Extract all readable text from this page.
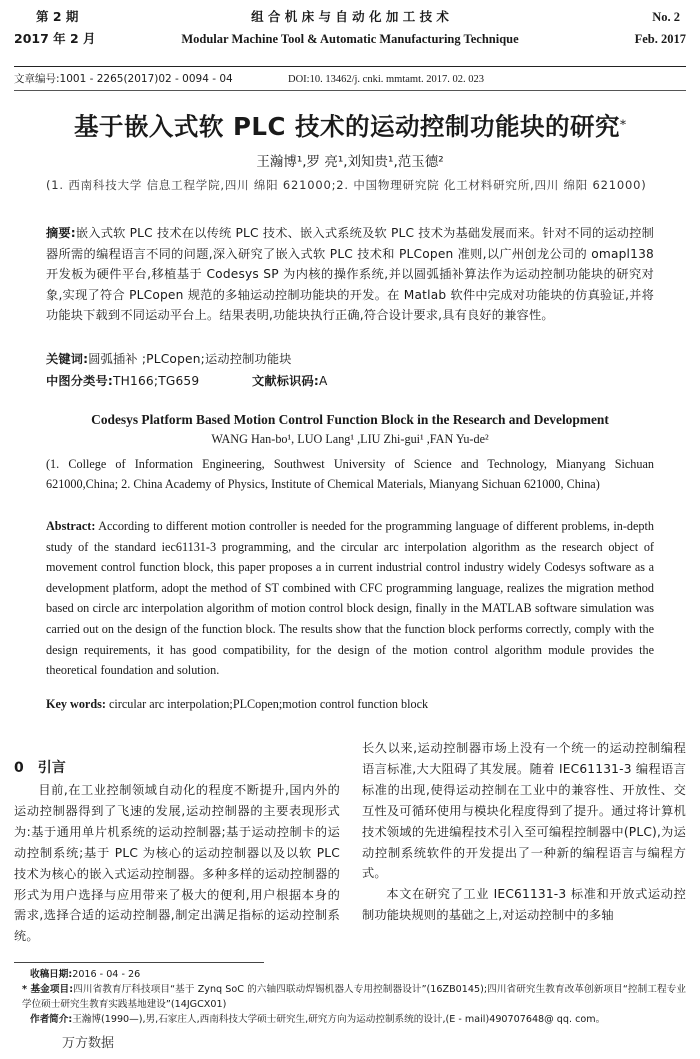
第 2 期
2017 年 2 月
组 合 机 床 与 自 动 化 加 工 技 术
Modular Machine Tool & Automatic Manufacturing Technique
No. 2
Feb. 2017
文章编号:1001 - 2265(2017)02 - 0094 - 04	DOI:10. 13462/j. cnki. mmtamt. 2017. 02. 023
基于嵌入式软 PLC 技术的运动控制功能块的研究*
王瀚博¹,罗 亮¹,刘知贵¹,范玉德²
(1. 西南科技大学 信息工程学院,四川 绵阳 621000;2. 中国物理研究院 化工材料研究所,四川 绵阳 621000)
摘要:嵌入式软 PLC 技术在以传统 PLC 技术、嵌入式系统及软 PLC 技术为基础发展而来。针对不同的运动控制器所需的编程语言不同的问题,深入研究了嵌入式软 PLC 技术和 PLCopen 准则,以广州创龙公司的 omapl138 开发板为硬件平台,移植基于 Codesys SP 为内核的操作系统,并以圆弧插补算法作为运动控制功能块的研究对象,实现了符合 PLCopen 规范的多轴运动控制功能块的开发。在 Matlab 软件中完成对功能块的仿真验证,并将功能块下载到不同运动平台上。结果表明,功能块执行正确,符合设计要求,具有良好的兼容性。
关键词:圆弧插补 ;PLCopen;运动控制功能块
中图分类号:TH166;TG659	文献标识码:A
Codesys Platform Based Motion Control Function Block in the Research and Development
WANG Han-bo¹, LUO Lang¹ ,LIU Zhi-gui¹ ,FAN Yu-de²
(1. College of Information Engineering, Southwest University of Science and Technology, Mianyang Sichuan 621000,China; 2. China Academy of Physics, Institute of Chemical Materials, Mianyang Sichuan 621000, China)
Abstract: According to different motion controller is needed for the programming language of different problems, in-depth study of the standard iec61131-3 programming, and the circular arc interpolation algorithm as the research object of movement control function block, this paper proposes a in current industrial control industry widely Codesys software as a development platform, adopt the method of ST combined with CFC programming language, realizes the migration method based on circle arc interpolation algorithm of motion control block design, finally in the MATLAB software simulation was carried out on the design of the function block. The results show that the function block performs correctly, comply with the design requirements, it has good compatibility, for the design of the motion control algorithm module provides the theoretical foundation and solution.
Key words: circular arc interpolation;PLCopen;motion control function block
0 引言

目前,在工业控制领域自动化的程度不断提升,国内外的运动控制器得到了飞速的发展,运动控制器的主要表现形式为:基于通用单片机系统的运动控制器;基于运动控制卡的运动控制系统;基于 PLC 为核心的运动控制器以及以软 PLC 技术为核心的嵌入式运动控制器。多种多样的运动控制器的形式为用户选择与应用带来了极大的便利,用户根据本身的需求,选择合适的运动控制器,制定出满足指标的运动控制系统。

长久以来,运动控制器市场上没有一个统一的运动控制编程语言标准,大大阻碍了其发展。随着 IEC61131-3 编程语言标准的出现,使得运动控制在工业中的兼容性、开放性、交互性及可循环使用与模块化程度得到了提升。通过将计算机技术领域的先进编程技术引入至可编程控制器中(PLC),为运动控制系统软件的开发提出了一种新的编程语言与编程方式。

本文在研究了工业 IEC61131-3 标准和开放式运动控制功能块规则的基础之上,对运动控制中的多轴

收稿日期:2016 - 04 - 26
* 基金项目:四川省教育厅科技项目“基于 Zynq SoC 的六轴四联动焊锡机器人专用控制器设计”(16ZB0145);四川省研究生教育改革创新项目“控制工程专业学位硕士研究生教育实践基地建设”(14JGCX01)
作者简介:王瀚博(1990—),男,石家庄人,西南科技大学硕士研究生,研究方向为运动控制系统的设计,(E - mail)490707648@ qq. com。
万方数据
